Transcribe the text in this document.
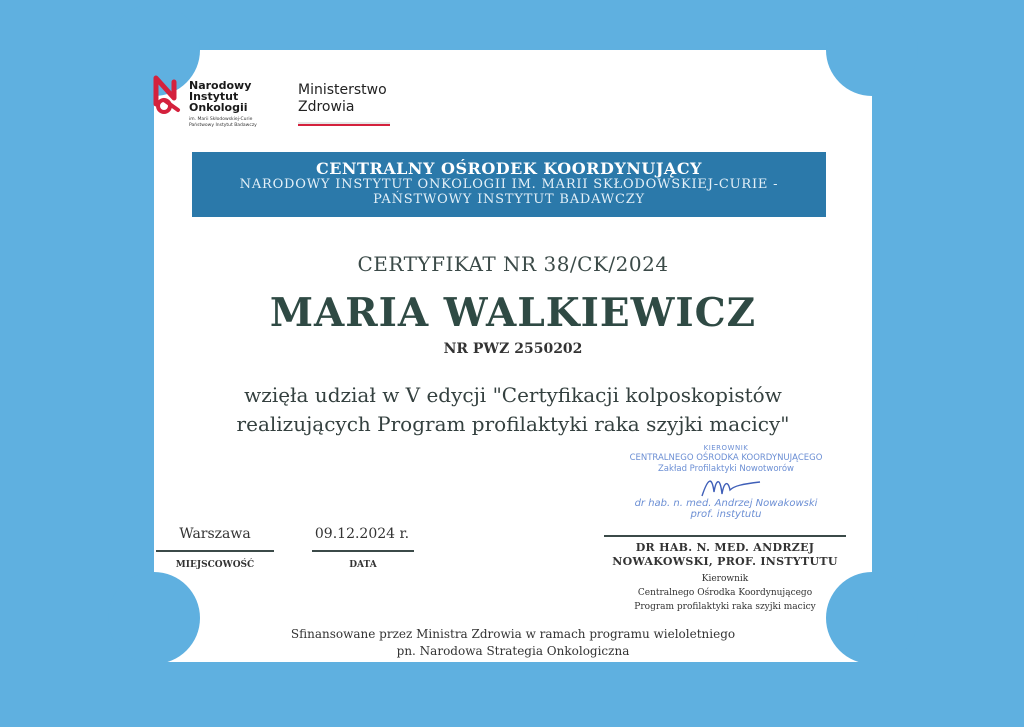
Narodowy
Instytut
Onkologii
im. Marii Skłodowskiej-Curie
Państwowy Instytut Badawczy
Ministerstwo
Zdrowia
CENTRALNY OŚRODEK KOORDYNUJĄCY
NARODOWY INSTYTUT ONKOLOGII IM. MARII SKŁODOWSKIEJ-CURIE - PAŃSTWOWY INSTYTUT BADAWCZY
CERTYFIKAT NR 38/CK/2024
MARIA WALKIEWICZ
NR PWZ 2550202
wzięła udział w V edycji "Certyfikacji kolposkopistów
realizujących Program profilaktyki raka szyjki macicy"
KIEROWNIK
CENTRALNEGO OŚRODKA KOORDYNUJĄCEGO
Zakład Profilaktyki Nowotworów
dr hab. n. med. Andrzej Nowakowski
prof. instytutu
Warszawa
MIEJSCOWOŚĆ
09.12.2024 r.
DATA
DR HAB. N. MED. ANDRZEJ
NOWAKOWSKI, PROF. INSTYTUTU
Kierownik
Centralnego Ośrodka Koordynującego
Program profilaktyki raka szyjki macicy
Sfinansowane przez Ministra Zdrowia w ramach programu wieloletniego
pn. Narodowa Strategia Onkologiczna
